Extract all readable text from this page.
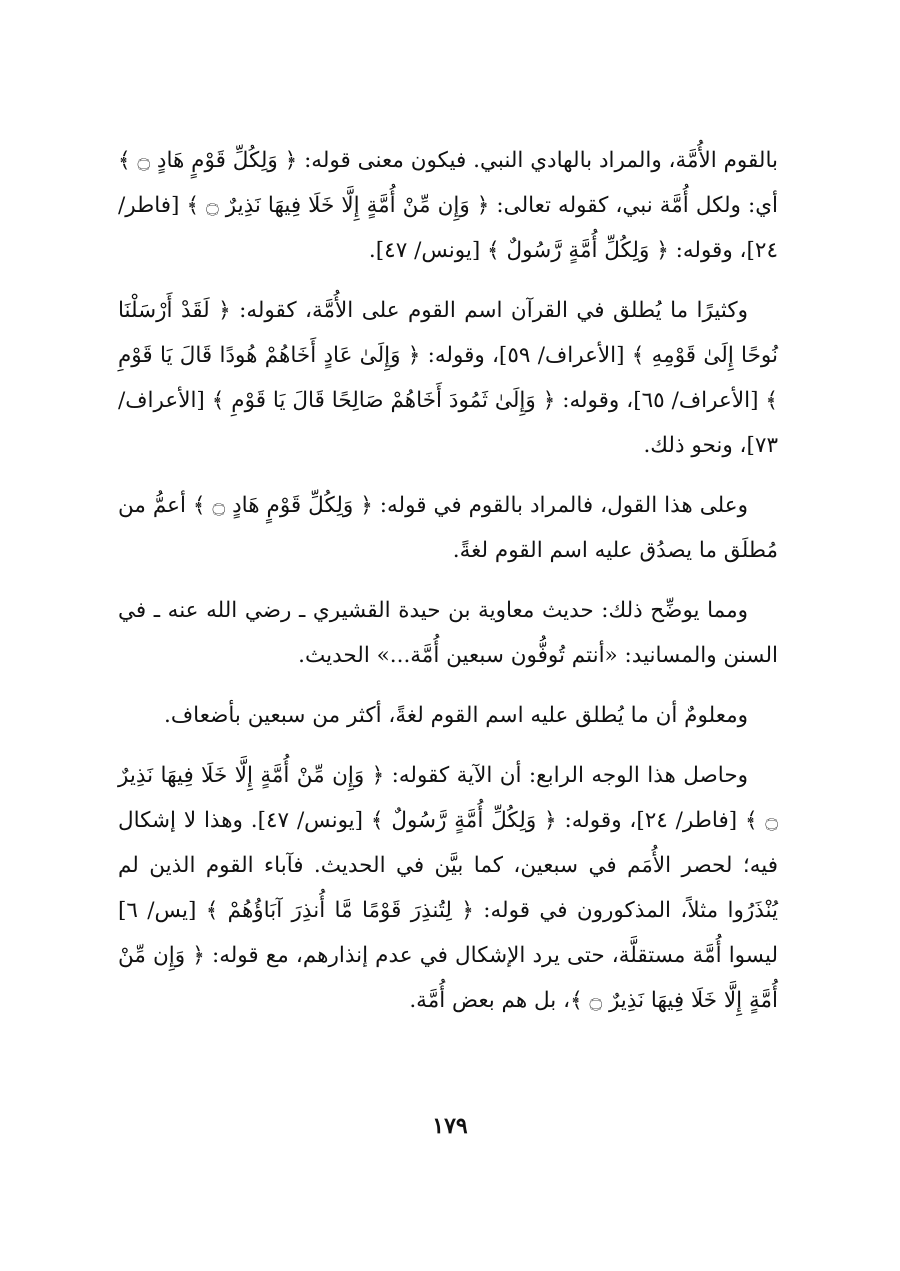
بالقوم الأُمَّة، والمراد بالهادي النبي. فيكون معنى قوله: ﴿ وَلِكُلِّ قَوْمٍ هَادٍ ۝ ﴾ أي: ولكل أُمَّة نبي، كقوله تعالى: ﴿ وَإِن مِّنْ أُمَّةٍ إِلَّا خَلَا فِيهَا نَذِيرٌ ۝ ﴾ [فاطر/ ٢٤]، وقوله: ﴿ وَلِكُلِّ أُمَّةٍ رَّسُولٌ ﴾ [يونس/ ٤٧].

وكثيرًا ما يُطلق في القرآن اسم القوم على الأُمَّة، كقوله: ﴿ لَقَدْ أَرْسَلْنَا نُوحًا إِلَىٰ قَوْمِهِ ﴾ [الأعراف/ ٥٩]، وقوله: ﴿ وَإِلَىٰ عَادٍ أَخَاهُمْ هُودًا قَالَ يَا قَوْمِ ﴾ [الأعراف/ ٦٥]، وقوله: ﴿ وَإِلَىٰ ثَمُودَ أَخَاهُمْ صَالِحًا قَالَ يَا قَوْمِ ﴾ [الأعراف/ ٧٣]، ونحو ذلك.

وعلى هذا القول، فالمراد بالقوم في قوله: ﴿ وَلِكُلِّ قَوْمٍ هَادٍ ۝ ﴾ أعمُّ من مُطلَق ما يصدُق عليه اسم القوم لغةً.

ومما يوضِّح ذلك: حديث معاوية بن حيدة القشيري ـ رضي الله عنه ـ في السنن والمسانيد: «أنتم تُوفُّون سبعين أُمَّة...» الحديث.

ومعلومٌ أن ما يُطلق عليه اسم القوم لغةً، أكثر من سبعين بأضعاف.

وحاصل هذا الوجه الرابع: أن الآية كقوله: ﴿ وَإِن مِّنْ أُمَّةٍ إِلَّا خَلَا فِيهَا نَذِيرٌ ۝ ﴾ [فاطر/ ٢٤]، وقوله: ﴿ وَلِكُلِّ أُمَّةٍ رَّسُولٌ ﴾ [يونس/ ٤٧]. وهذا لا إشكال فيه؛ لحصر الأُمَم في سبعين، كما بيَّن في الحديث. فآباء القوم الذين لم يُنْذَرُوا مثلاً، المذكورون في قوله: ﴿ لِتُنذِرَ قَوْمًا مَّا أُنذِرَ آبَاؤُهُمْ ﴾ [يس/ ٦] ليسوا أُمَّة مستقلَّة، حتى يرد الإشكال في عدم إنذارهم، مع قوله: ﴿ وَإِن مِّنْ أُمَّةٍ إِلَّا خَلَا فِيهَا نَذِيرٌ ۝ ﴾، بل هم بعض أُمَّة.

١٧٩
